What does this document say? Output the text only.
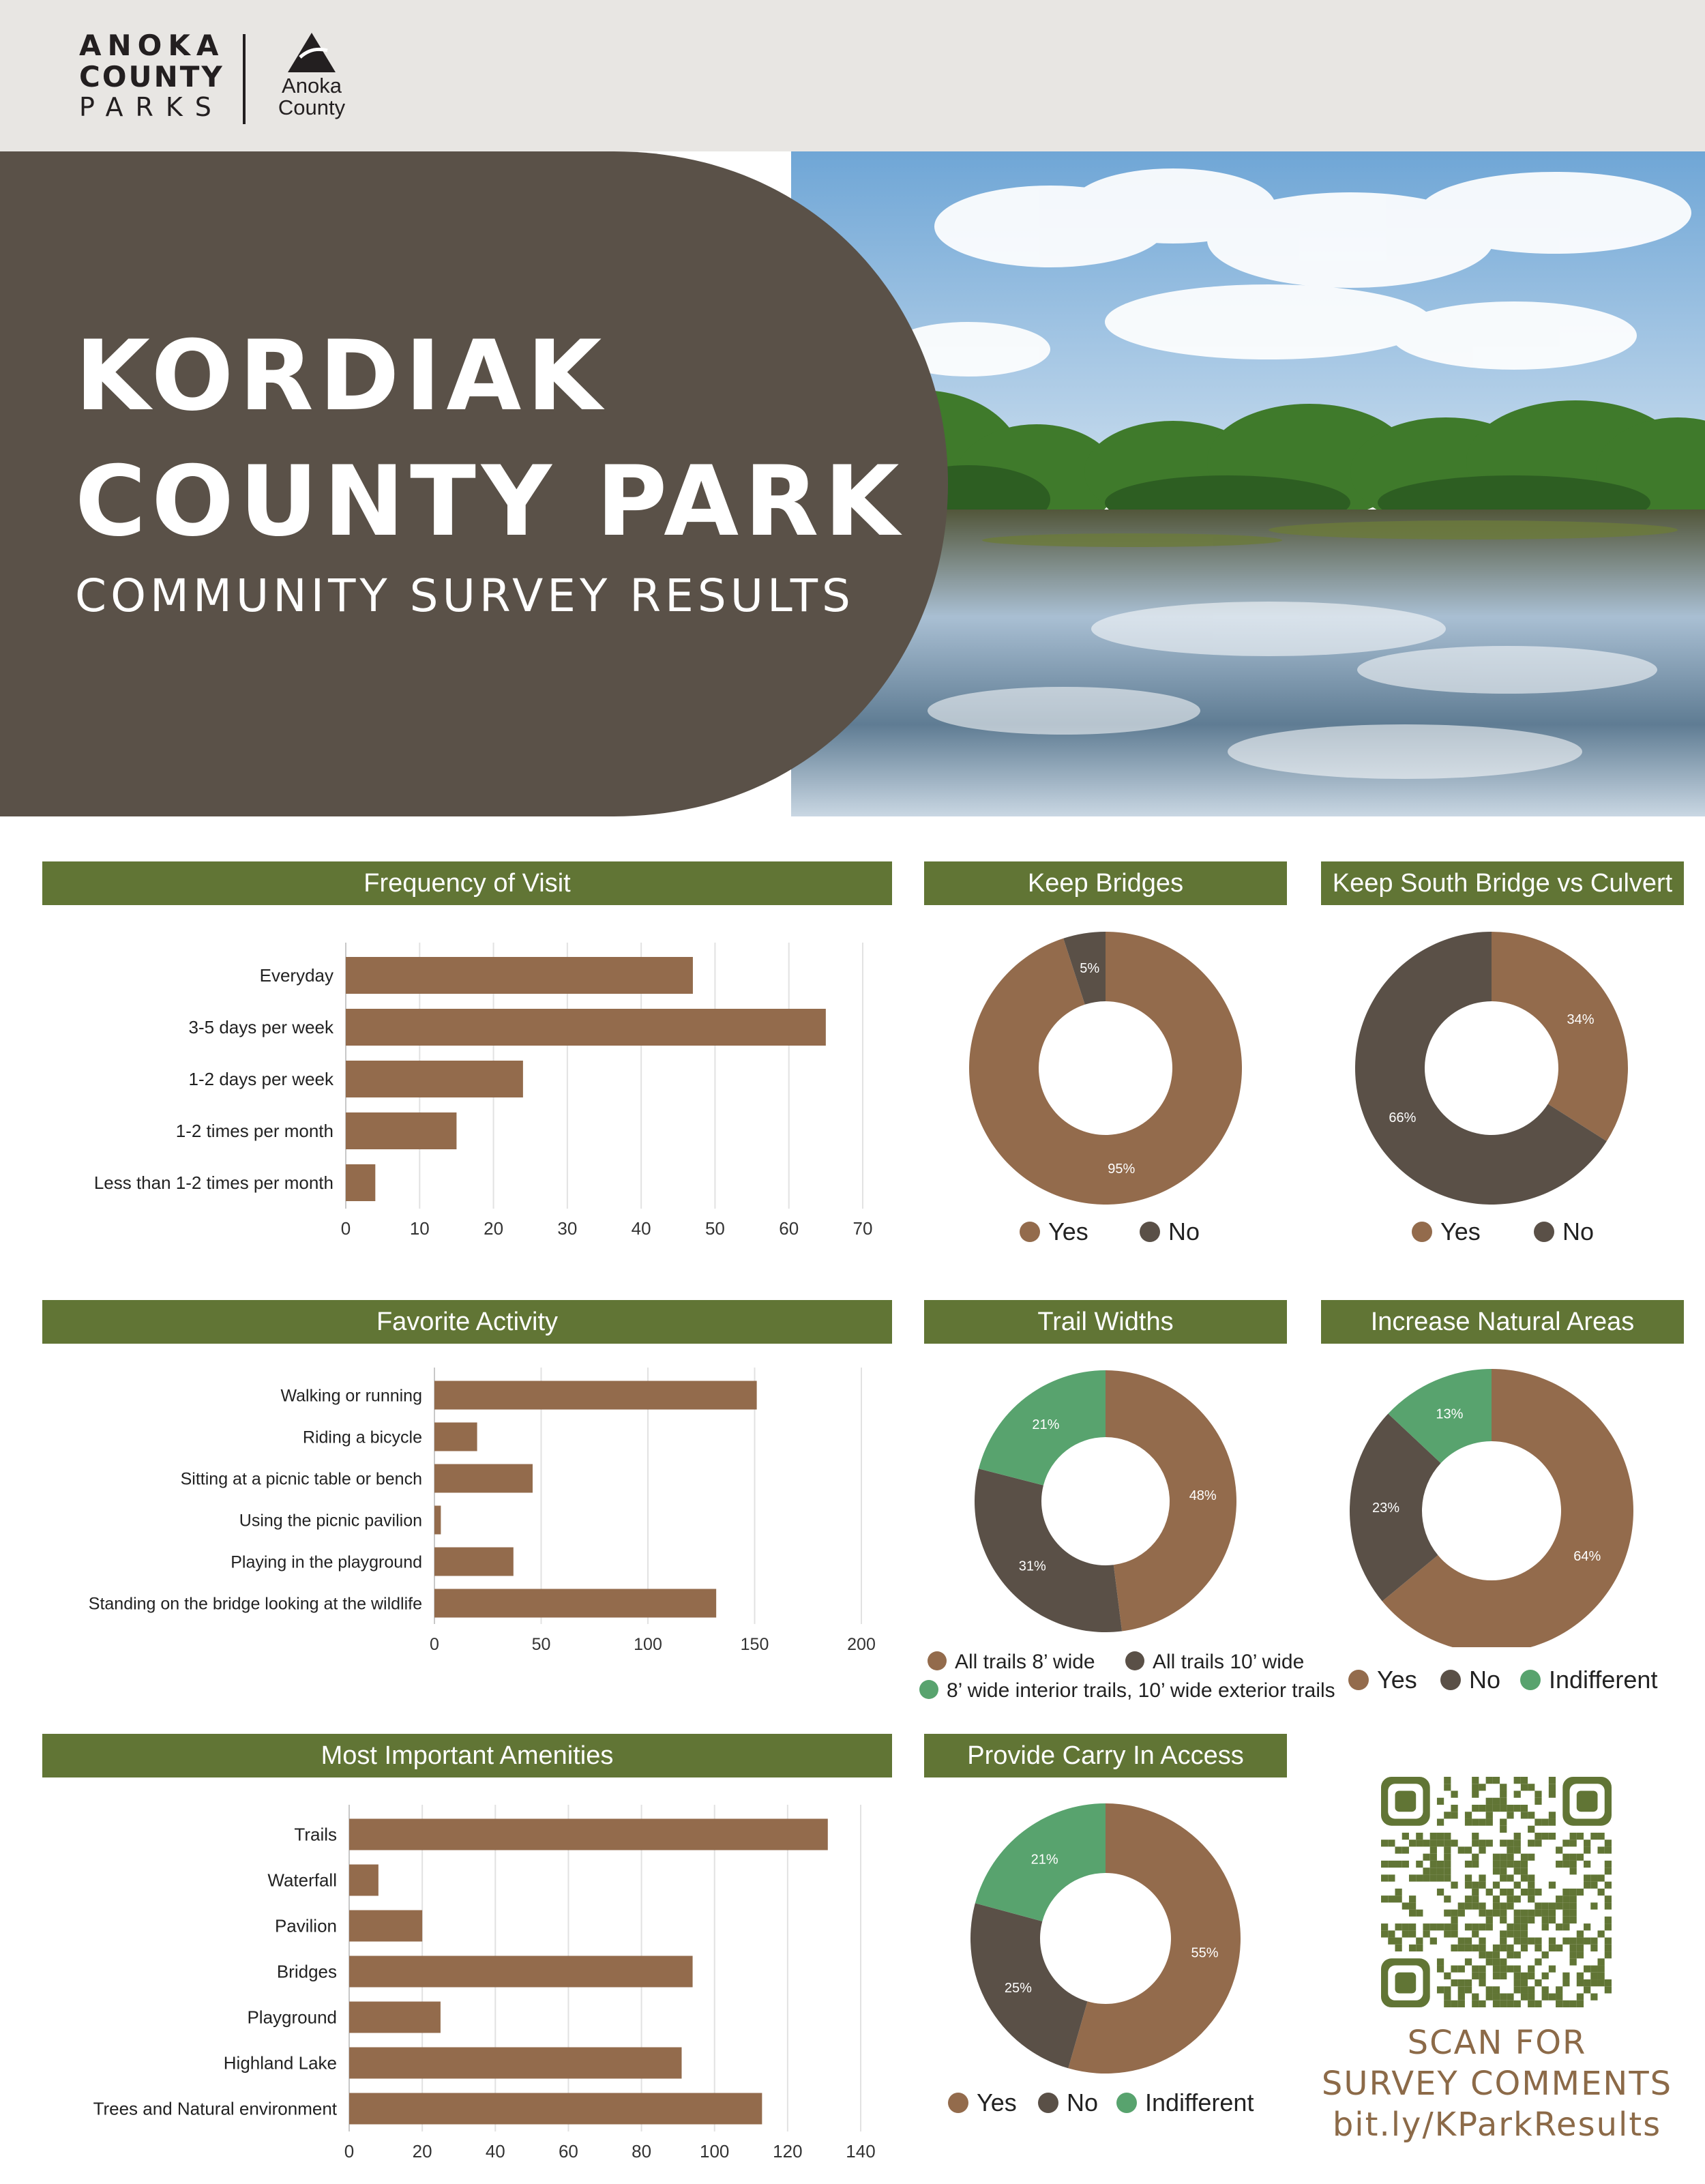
ANOKA
COUNTY
PARKS
Anoka
County
KORDIAK
COUNTY PARK
COMMUNITY SURVEY RESULTS
Frequency of Visit	Keep Bridges	Keep South Bridge vs Culvert
Favorite Activity	Trail Widths	Increase Natural Areas
Most Important Amenities	Provide Carry In Access
0	10	20	30	40	50	60	70
Everyday
3-5 days per week
1-2 days per week
1-2 times per month
Less than 1-2 times per month
0	50	100	150	200
Walking or running
Riding a bicycle
Sitting at a picnic table or bench
Using the picnic pavilion
Playing in the playground
Standing on the bridge looking at the wildlife
0	20	40	60	80	100 120 140
Trails
Waterfall
Pavilion
Bridges
Playground
Highland Lake
Trees and Natural environment
95%
5%
34%
66%
48%
31%
21%
64%
23%
13%
55%
25%
21%
Yes	No	Yes	No
All trails 8’ wide	All trails 10’ wide
8’ wide interior trails, 10’ wide exterior trails	Yes	No	Indifferent
Yes	No	Indifferent
SCAN FOR
SURVEY COMMENTS
bit.ly/KParkResults
